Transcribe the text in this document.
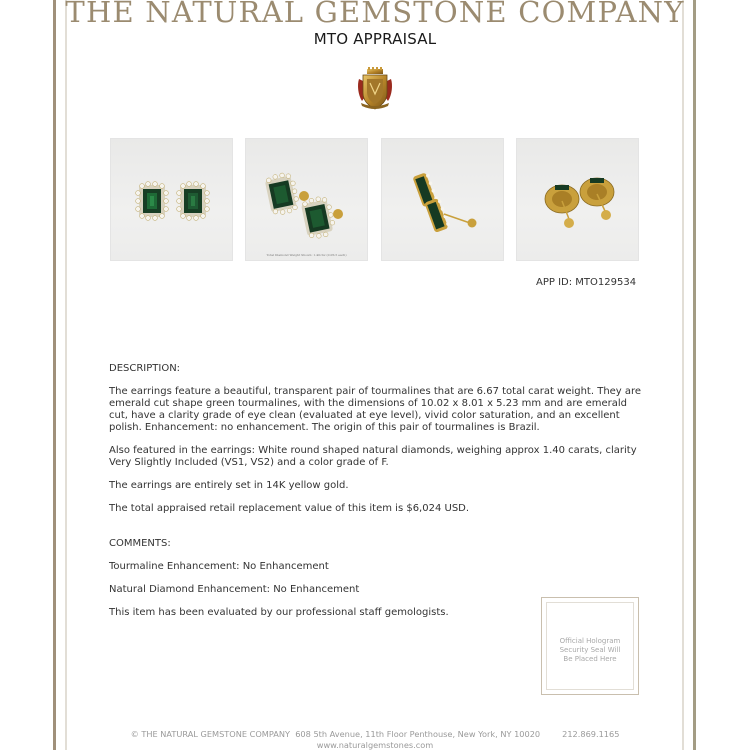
THE NATURAL GEMSTONE COMPANY
MTO APPRAISAL
Total Diamond Weight Shown: 1.40ctw (0.05ct each)
APP ID: MTO129534
DESCRIPTION:
The earrings feature a beautiful, transparent pair of tourmalines that are 6.67 total carat weight. They are emerald cut shape green tourmalines, with the dimensions of 10.02 x 8.01 x 5.23 mm and are emerald cut, have a clarity grade of eye clean (evaluated at eye level), vivid color saturation, and an excellent polish. Enhancement: no enhancement. The origin of this pair of tourmalines is Brazil.
Also featured in the earrings: White round shaped natural diamonds, weighing approx 1.40 carats, clarity Very Slightly Included (VS1, VS2) and a color grade of F.
The earrings are entirely set in 14K yellow gold.
The total appraised retail replacement value of this item is $6,024 USD.
COMMENTS:
Tourmaline Enhancement: No Enhancement
Natural Diamond Enhancement: No Enhancement
This item has been evaluated by our professional staff gemologists.
Official Hologram
Security Seal Will
Be Placed Here
© THE NATURAL GEMSTONE COMPANY 608 5th Avenue, 11th Floor Penthouse, New York, NY 10020	212.869.1165
www.naturalgemstones.com
